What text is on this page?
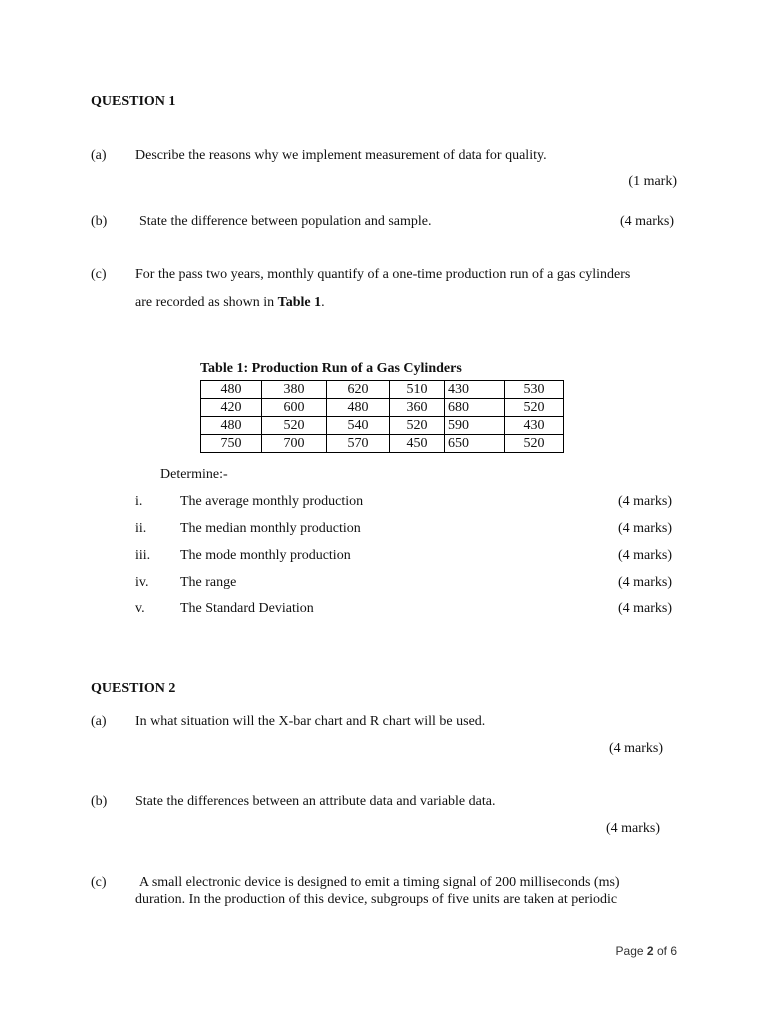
QUESTION 1
(a) Describe the reasons why we implement measurement of data for quality.
(1 mark)
(b) State the difference between population and sample.	(4 marks)
(c) For the pass two years, monthly quantify of a one-time production run of a gas cylinders
are recorded as shown in Table 1.
Table 1: Production Run of a Gas Cylinders
480	380	620	510	430	530
420	600	480	360	680	520
480	520	540	520	590	430
750	700	570	450	650	520
Determine:-
i.	The average monthly production	(4 marks)
ii. The median monthly production	(4 marks)
iii. The mode monthly production	(4 marks)
iv. The range	(4 marks)
v.	The Standard Deviation	(4 marks)
QUESTION 2
(a) In what situation will the X-bar chart and R chart will be used.
(4 marks)
(b) State the differences between an attribute data and variable data.
(4 marks)
(c) A small electronic device is designed to emit a timing signal of 200 milliseconds (ms)
duration. In the production of this device, subgroups of five units are taken at periodic
Page 2 of 6
